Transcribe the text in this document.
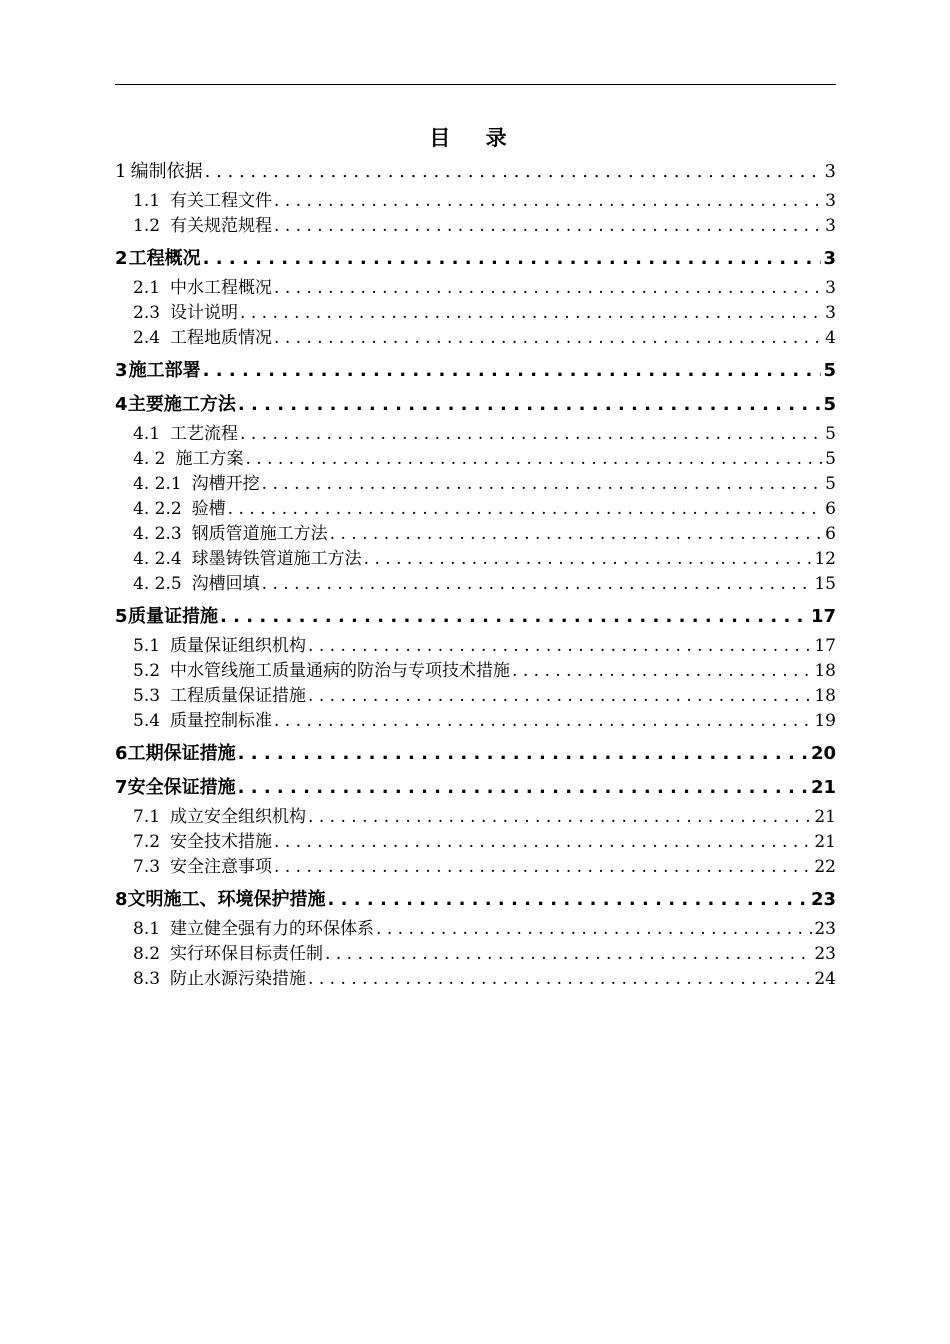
目 录
1 编制依据 . . .	3
1.1 有关工程文件 . . .	3
1.2 有关规范规程 . . .	3
2 工程概况 . . .	3
2.1 中水工程概况 . . .	3
2.3 设计说明 . . .	3
2.4 工程地质情况 . . .	4
3 施工部署 . . .	5
4 主要施工方法 . . .	5
4.1 工艺流程 . . .	5
4. 2 施工方案 . . .	5
4. 2.1 沟槽开挖 . . .	5
4. 2.2 验槽 . . .	6
4. 2.3 钢质管道施工方法 . . .	6
4. 2.4 球墨铸铁管道施工方法 . . .	12
4. 2.5 沟槽回填 . . .	15
5 质量证措施 . . .	17
5.1 质量保证组织机构 . . .	17
5.2 中水管线施工质量通病的防治与专项技术措施 . . .	18
5.3 工程质量保证措施 . . .	18
5.4 质量控制标准 . . .	19
6 工期保证措施 . . .	20
7 安全保证措施 . . .	21
7.1 成立安全组织机构 . . .	21
7.2 安全技术措施 . . .	21
7.3 安全注意事项 . . .	22
8 文明施工、环境保护措施 . . .	23
8.1 建立健全强有力的环保体系 . . .	23
8.2 实行环保目标责任制 . . .	23
8.3 防止水源污染措施 . . .	24
